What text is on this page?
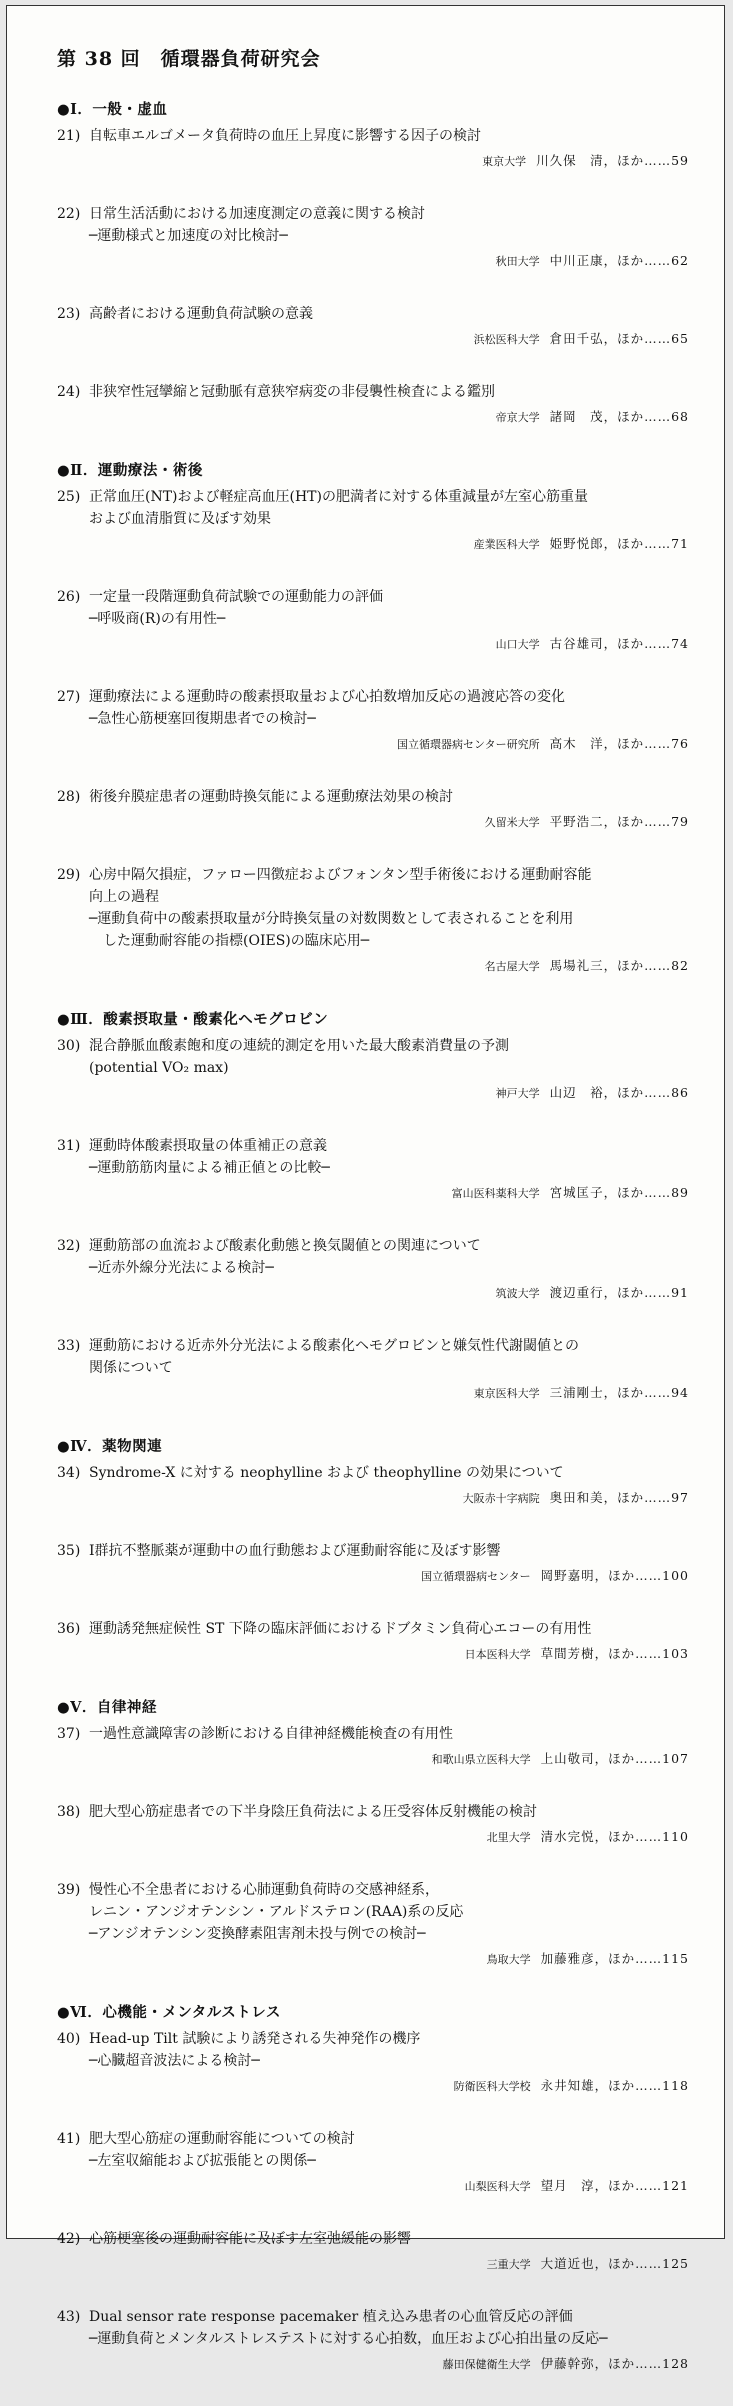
第 38 回　循環器負荷研究会
●Ⅰ．一般・虚血
21) 自転車エルゴメータ負荷時の血圧上昇度に影響する因子の検討
東京大学 川久保　清，ほか……59
22) 日常生活活動における加速度測定の意義に関する検討
─運動様式と加速度の対比検討─
秋田大学 中川正康，ほか……62
23) 高齢者における運動負荷試験の意義
浜松医科大学 倉田千弘，ほか……65
24) 非狭窄性冠攣縮と冠動脈有意狭窄病変の非侵襲性検査による鑑別
帝京大学 諸岡　茂，ほか……68
●Ⅱ．運動療法・術後
25) 正常血圧(NT)および軽症高血圧(HT)の肥満者に対する体重減量が左室心筋重量
および血清脂質に及ぼす効果
産業医科大学 姫野悦郎，ほか……71
26) 一定量一段階運動負荷試験での運動能力の評価
─呼吸商(R)の有用性─
山口大学 古谷雄司，ほか……74
27) 運動療法による運動時の酸素摂取量および心拍数増加反応の過渡応答の変化
─急性心筋梗塞回復期患者での検討─
国立循環器病センター研究所 高木　洋，ほか……76
28) 術後弁膜症患者の運動時換気能による運動療法効果の検討
久留米大学 平野浩二，ほか……79
29) 心房中隔欠損症，ファロー四徴症およびフォンタン型手術後における運動耐容能
向上の過程
─運動負荷中の酸素摂取量が分時換気量の対数関数として表されることを利用
　した運動耐容能の指標(OIES)の臨床応用─
名古屋大学 馬場礼三，ほか……82
●Ⅲ．酸素摂取量・酸素化ヘモグロビン
30) 混合静脈血酸素飽和度の連続的測定を用いた最大酸素消費量の予測
(potential VO₂ max)
神戸大学 山辺　裕，ほか……86
31) 運動時体酸素摂取量の体重補正の意義
─運動筋筋肉量による補正値との比較─
富山医科薬科大学 宮城匡子，ほか……89
32) 運動筋部の血流および酸素化動態と換気閾値との関連について
─近赤外線分光法による検討─
筑波大学 渡辺重行，ほか……91
33) 運動筋における近赤外分光法による酸素化ヘモグロビンと嫌気性代謝閾値との
関係について
東京医科大学 三浦剛士，ほか……94
●Ⅳ．薬物関連
34) Syndrome-X に対する neophylline および theophylline の効果について
大阪赤十字病院 奥田和美，ほか……97
35) Ⅰ群抗不整脈薬が運動中の血行動態および運動耐容能に及ぼす影響
国立循環器病センター 岡野嘉明，ほか……100
36) 運動誘発無症候性 ST 下降の臨床評価におけるドブタミン負荷心エコーの有用性
日本医科大学 草間芳樹，ほか……103
●Ⅴ．自律神経
37) 一過性意識障害の診断における自律神経機能検査の有用性
和歌山県立医科大学 上山敬司，ほか……107
38) 肥大型心筋症患者での下半身陰圧負荷法による圧受容体反射機能の検討
北里大学 清水完悦，ほか……110
39) 慢性心不全患者における心肺運動負荷時の交感神経系，
レニン・アンジオテンシン・アルドステロン(RAA)系の反応
─アンジオテンシン変換酵素阻害剤未投与例での検討─
鳥取大学 加藤雅彦，ほか……115
●Ⅵ．心機能・メンタルストレス
40) Head-up Tilt 試験により誘発される失神発作の機序
─心臓超音波法による検討─
防衛医科大学校 永井知雄，ほか……118
41) 肥大型心筋症の運動耐容能についての検討
─左室収縮能および拡張能との関係─
山梨医科大学 望月　淳，ほか……121
42) 心筋梗塞後の運動耐容能に及ぼす左室弛緩能の影響
三重大学 大道近也，ほか……125
43) Dual sensor rate response pacemaker 植え込み患者の心血管反応の評価
─運動負荷とメンタルストレステストに対する心拍数，血圧および心拍出量の反応─
藤田保健衛生大学 伊藤幹弥，ほか……128
